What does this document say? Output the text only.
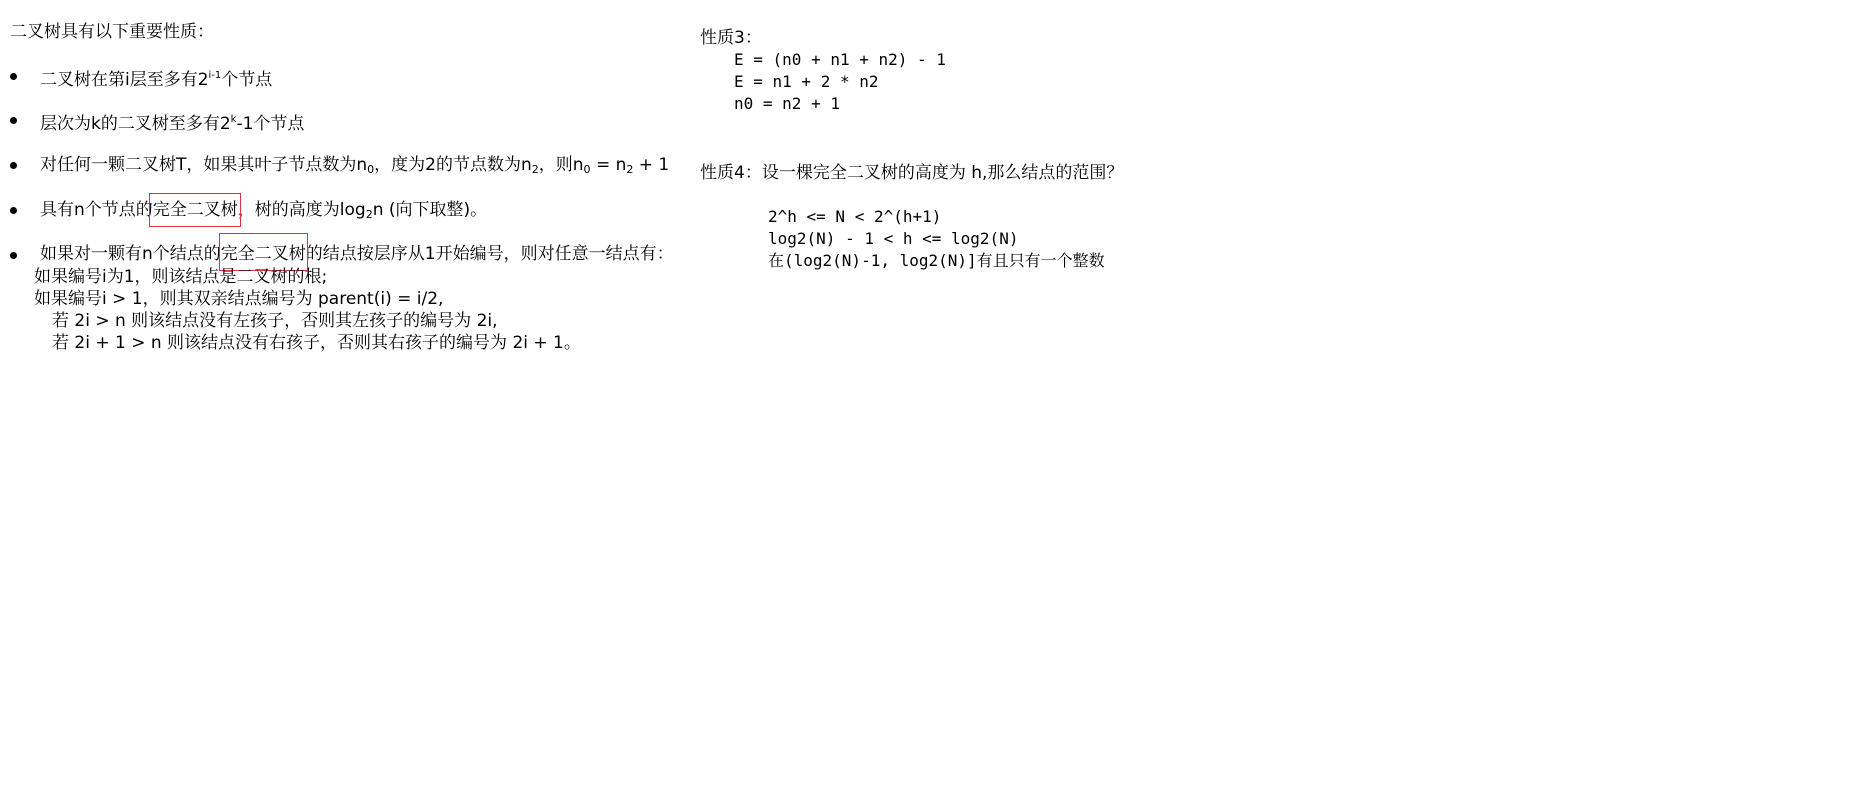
二叉树具有以下重要性质：
二叉树在第i层至多有2$^{i-1}$个节点
层次为k的二叉树至多有2$^k$-1个节点
对任何一颗二叉树T，如果其叶子节点数为$n_0$，度为2的节点数为$n_2$，则$n_0 = n_2 + 1$
具有n个节点的完全二叉树
，树的高度为$\log_2n$ (向下取整)。
如果对一颗有n个结点的完全二叉树
的结点按层序从1开始编号，则对任意一结点有：
如果编号i为1，则该结点是二叉树的根;
如果编号i > 1，则其双亲结点编号为 parent(i) = i/2,
若 2i > n 则该结点没有左孩子，否则其左孩子的编号为 2i,
若 2i + 1 > n 则该结点没有右孩子，否则其右孩子的编号为 2i + 1。
性质3：
E = (n0 + n1 + n2) - 1
E = n1 + 2 * n2
n0 = n2 + 1
性质4：设一棵完全二叉树的高度为 h,那么结点的范围？
2^h <= N < 2^(h+1)
log2(N) - 1 < h <= log2(N)
在(log2(N)-1, log2(N)]有且只有一个整数
